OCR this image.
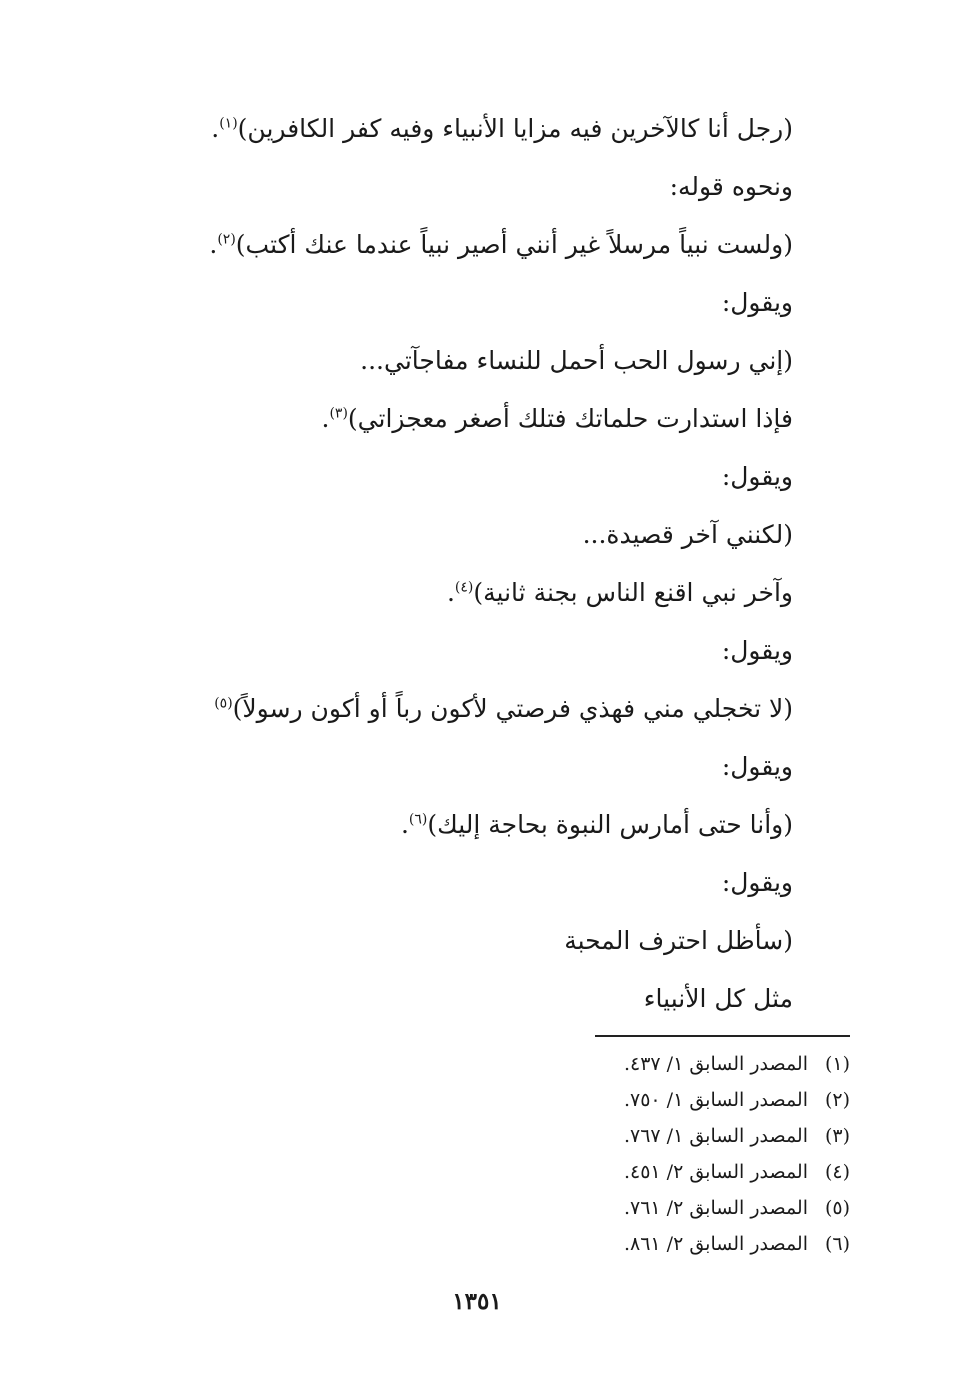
(رجل أنا كالآخرين فيه مزايا الأنبياء وفيه كفر الكافرين)$^{(١)}$.
ونحوه قوله:
(ولست نبياً مرسلاً غير أنني أصير نبياً عندما عنك أكتب)$^{(٢)}$.
ويقول:
(إني رسول الحب أحمل للنساء مفاجآتي...
فإذا استدارت حلماتك فتلك أصغر معجزاتي)$^{(٣)}$.
ويقول:
(لكنني آخر قصيدة...
وآخر نبي اقنع الناس بجنة ثانية)$^{(٤)}$.
ويقول:
(لا تخجلي مني فهذي فرصتي لأكون رباً أو أكون رسولاً)$^{(٥)}$
ويقول:
(وأنا حتى أمارس النبوة بحاجة إليك)$^{(٦)}$.
ويقول:
(سأظل احترف المحبة
مثل كل الأنبياء
(١)المصدر السابق ١/ ٤٣٧.
(٢)المصدر السابق ١/ ٧٥٠.
(٣)المصدر السابق ١/ ٧٦٧.
(٤)المصدر السابق ٢/ ٤٥١.
(٥)المصدر السابق ٢/ ٧٦١.
(٦)المصدر السابق ٢/ ٨٦١.
١٣٥١
